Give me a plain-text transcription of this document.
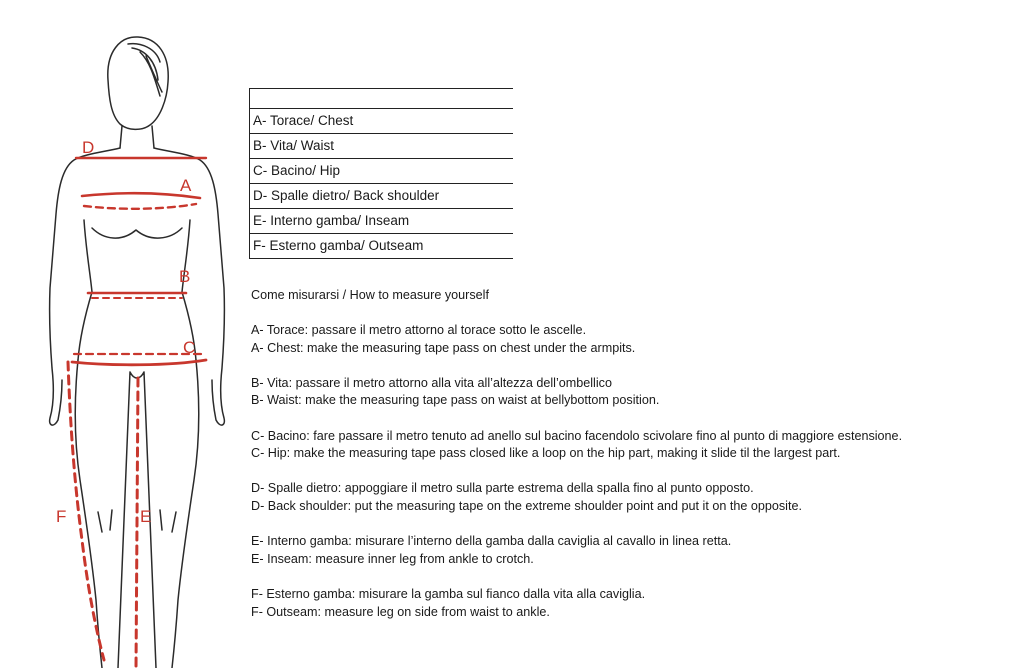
D
A
B
C
F	E

A- Torace/ Chest
B- Vita/ Waist
C- Bacino/ Hip
D- Spalle dietro/ Back shoulder
E- Interno gamba/ Inseam
F- Esterno gamba/ Outseam
Come misurarsi / How to measure yourself
A- Torace: passare il metro attorno al torace sotto le ascelle.
A- Chest: make the measuring tape pass on chest under the armpits.
B- Vita: passare il metro attorno alla vita all’altezza dell’ombellico
B- Waist: make the measuring tape pass on waist at bellybottom position.
C- Bacino: fare passare il metro tenuto ad anello sul bacino facendolo scivolare fino al punto di maggiore estensione.
C- Hip: make the measuring tape pass closed like a loop on the hip part, making it slide til the largest part.
D- Spalle dietro: appoggiare il metro sulla parte estrema della spalla fino al punto opposto.
D- Back shoulder: put the measuring tape on the extreme shoulder point and put it on the opposite.
E- Interno gamba: misurare l’interno della gamba dalla caviglia al cavallo in linea retta.
E- Inseam: measure inner leg from ankle to crotch.
F- Esterno gamba: misurare la gamba sul fianco dalla vita alla caviglia.
F- Outseam: measure leg on side from waist to ankle.
